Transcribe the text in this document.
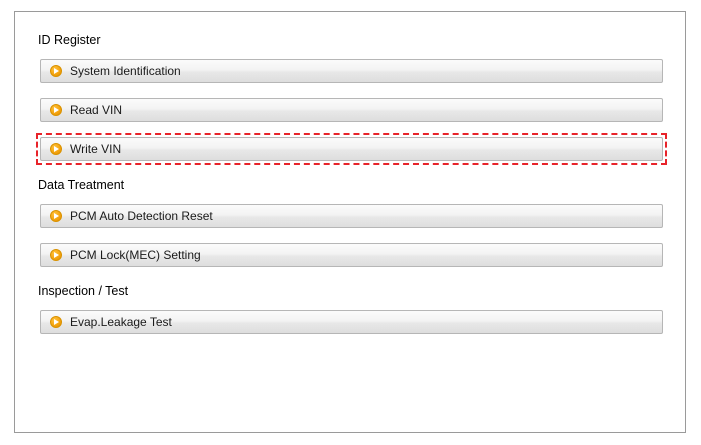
ID Register
System Identification
Read VIN
Write VIN
Data Treatment
PCM Auto Detection Reset
PCM Lock(MEC) Setting
Inspection / Test
Evap.Leakage Test
